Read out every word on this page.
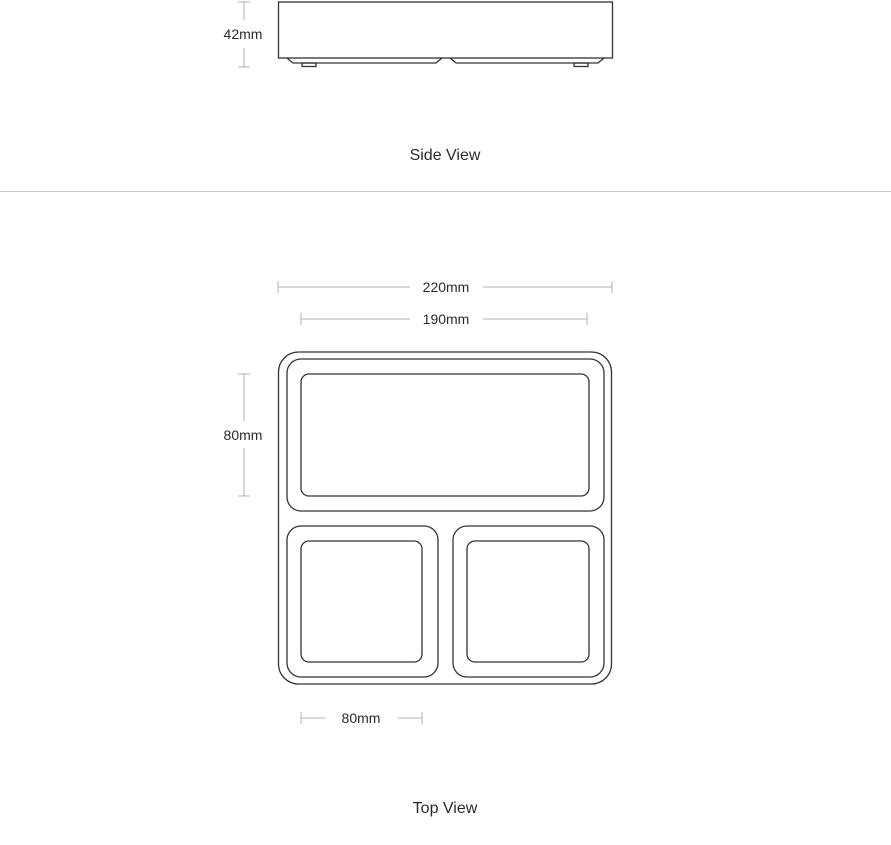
42mm
Side View
220mm
190mm
80mm
80mm
Top View
